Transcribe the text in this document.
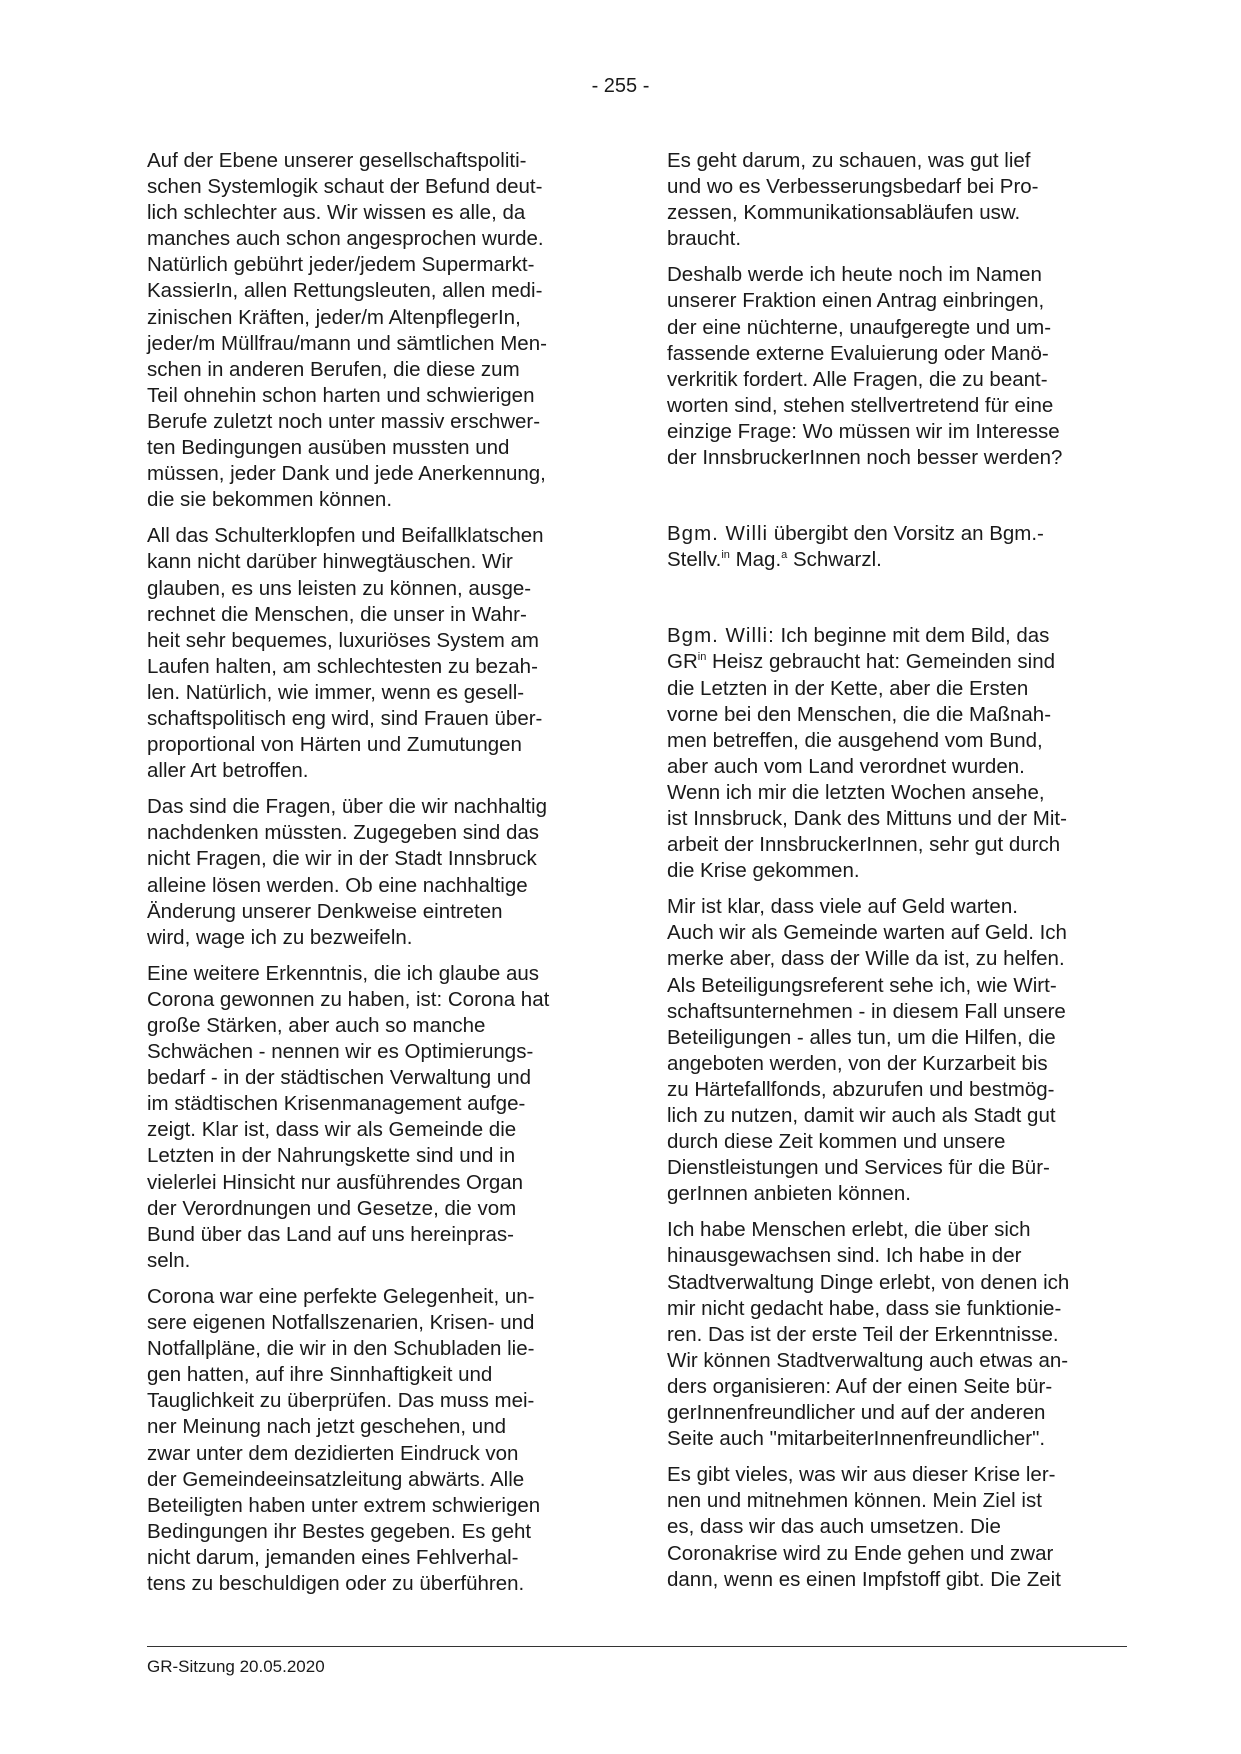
- 255 -

Auf der Ebene unserer gesellschaftspoliti-
schen Systemlogik schaut der Befund deut-
lich schlechter aus. Wir wissen es alle, da
manches auch schon angesprochen wurde.
Natürlich gebührt jeder/jedem Supermarkt-
KassierIn, allen Rettungsleuten, allen medi-
zinischen Kräften, jeder/m AltenpflegerIn,
jeder/m Müllfrau/mann und sämtlichen Men-
schen in anderen Berufen, die diese zum
Teil ohnehin schon harten und schwierigen
Berufe zuletzt noch unter massiv erschwer-
ten Bedingungen ausüben mussten und
müssen, jeder Dank und jede Anerkennung,
die sie bekommen können.

All das Schulterklopfen und Beifallklatschen
kann nicht darüber hinwegtäuschen. Wir
glauben, es uns leisten zu können, ausge-
rechnet die Menschen, die unser in Wahr-
heit sehr bequemes, luxuriöses System am
Laufen halten, am schlechtesten zu bezah-
len. Natürlich, wie immer, wenn es gesell-
schaftspolitisch eng wird, sind Frauen über-
proportional von Härten und Zumutungen
aller Art betroffen.

Das sind die Fragen, über die wir nachhaltig
nachdenken müssten. Zugegeben sind das
nicht Fragen, die wir in der Stadt Innsbruck
alleine lösen werden. Ob eine nachhaltige
Änderung unserer Denkweise eintreten
wird, wage ich zu bezweifeln.

Eine weitere Erkenntnis, die ich glaube aus
Corona gewonnen zu haben, ist: Corona hat
große Stärken, aber auch so manche
Schwächen - nennen wir es Optimierungs-
bedarf - in der städtischen Verwaltung und
im städtischen Krisenmanagement aufge-
zeigt. Klar ist, dass wir als Gemeinde die
Letzten in der Nahrungskette sind und in
vielerlei Hinsicht nur ausführendes Organ
der Verordnungen und Gesetze, die vom
Bund über das Land auf uns hereinpras-
seln.

Corona war eine perfekte Gelegenheit, un-
sere eigenen Notfallszenarien, Krisen- und
Notfallpläne, die wir in den Schubladen lie-
gen hatten, auf ihre Sinnhaftigkeit und
Tauglichkeit zu überprüfen. Das muss mei-
ner Meinung nach jetzt geschehen, und
zwar unter dem dezidierten Eindruck von
der Gemeindeeinsatzleitung abwärts. Alle
Beteiligten haben unter extrem schwierigen
Bedingungen ihr Bestes gegeben. Es geht
nicht darum, jemanden eines Fehlverhal-
tens zu beschuldigen oder zu überführen.

Es geht darum, zu schauen, was gut lief
und wo es Verbesserungsbedarf bei Pro-
zessen, Kommunikationsabläufen usw.
braucht.

Deshalb werde ich heute noch im Namen
unserer Fraktion einen Antrag einbringen,
der eine nüchterne, unaufgeregte und um-
fassende externe Evaluierung oder Manö-
verkritik fordert. Alle Fragen, die zu beant-
worten sind, stehen stellvertretend für eine
einzige Frage: Wo müssen wir im Interesse
der InnsbruckerInnen noch besser werden?

Bgm. Willi übergibt den Vorsitz an Bgm.-
Stellv.$^{in}$ Mag.$^a$ Schwarzl.

Bgm. Willi: Ich beginne mit dem Bild, das
$GR^{in}$ Heisz gebraucht hat: Gemeinden sind
die Letzten in der Kette, aber die Ersten
vorne bei den Menschen, die die Maßnah-
men betreffen, die ausgehend vom Bund,
aber auch vom Land verordnet wurden.
Wenn ich mir die letzten Wochen ansehe,
ist Innsbruck, Dank des Mittuns und der Mit-
arbeit der InnsbruckerInnen, sehr gut durch
die Krise gekommen.

Mir ist klar, dass viele auf Geld warten.
Auch wir als Gemeinde warten auf Geld. Ich
merke aber, dass der Wille da ist, zu helfen.
Als Beteiligungsreferent sehe ich, wie Wirt-
schaftsunternehmen - in diesem Fall unsere
Beteiligungen - alles tun, um die Hilfen, die
angeboten werden, von der Kurzarbeit bis
zu Härtefallfonds, abzurufen und bestmög-
lich zu nutzen, damit wir auch als Stadt gut
durch diese Zeit kommen und unsere
Dienstleistungen und Services für die Bür-
gerInnen anbieten können.

Ich habe Menschen erlebt, die über sich
hinausgewachsen sind. Ich habe in der
Stadtverwaltung Dinge erlebt, von denen ich
mir nicht gedacht habe, dass sie funktionie-
ren. Das ist der erste Teil der Erkenntnisse.
Wir können Stadtverwaltung auch etwas an-
ders organisieren: Auf der einen Seite bür-
gerInnenfreundlicher und auf der anderen
Seite auch "mitarbeiterInnenfreundlicher".

Es gibt vieles, was wir aus dieser Krise ler-
nen und mitnehmen können. Mein Ziel ist
es, dass wir das auch umsetzen. Die
Coronakrise wird zu Ende gehen und zwar
dann, wenn es einen Impfstoff gibt. Die Zeit

GR-Sitzung 20.05.2020
